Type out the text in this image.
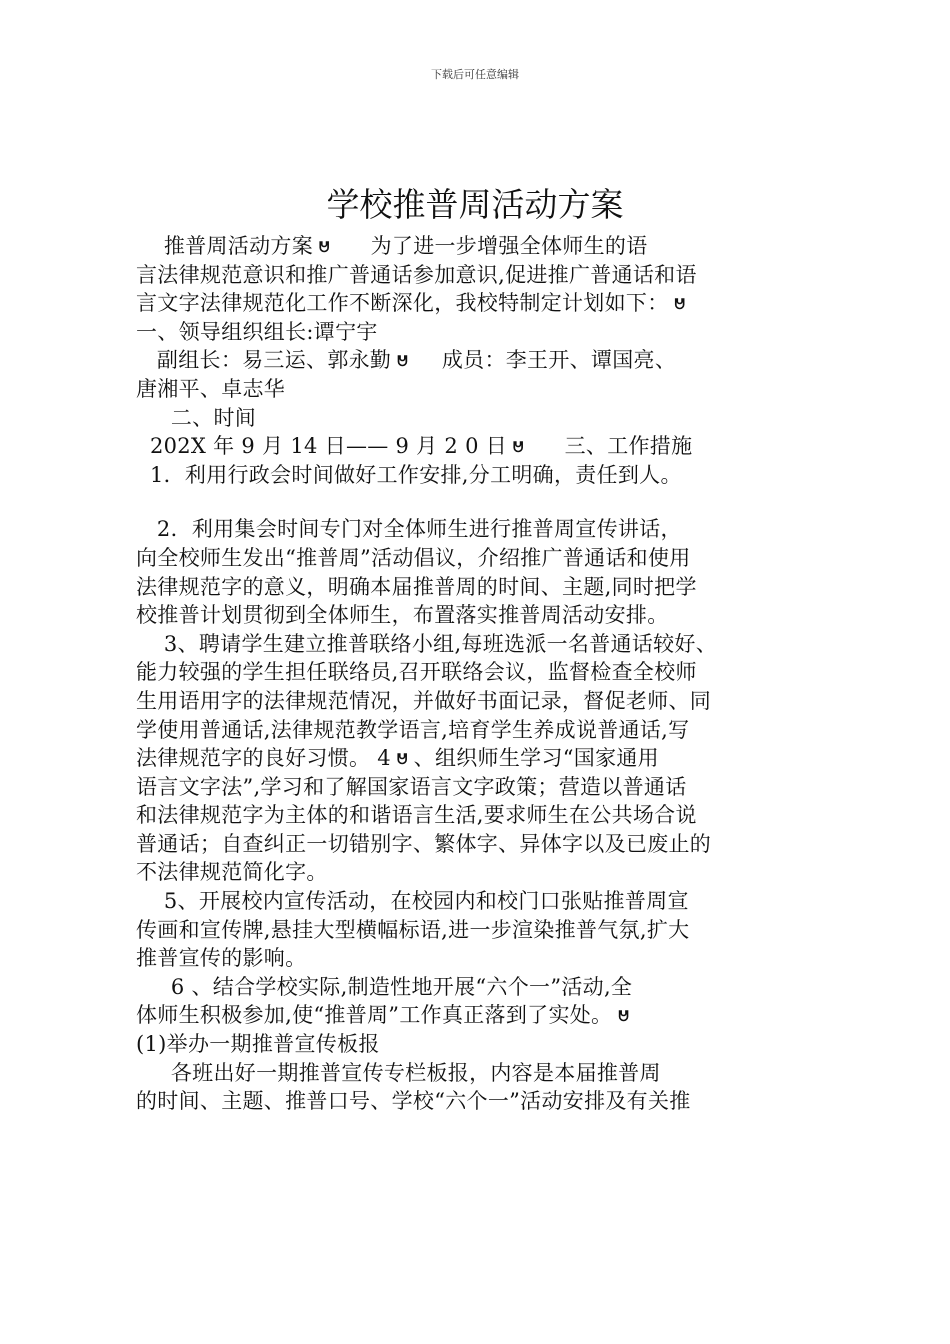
下载后可任意编辑
学校推普周活动方案
推普周活动方案 ᕰ     为了进一步增强全体师生的语
言法律规范意识和推广普通话参加意识,促进推广普通话和语
言文字法律规范化工作不断深化，我校特制定计划如下： ᕰ
一、领导组织组长:谭宁宇
副组长：易三运、郭永勤 ᕰ    成员：李王开、谭国亮、
唐湘平、卓志华
二、时间
202X 年 9 月 14 日—— 9 月 2 0 日 ᕰ     三、工作措施
1．利用行政会时间做好工作安排,分工明确，责任到人。
2．利用集会时间专门对全体师生进行推普周宣传讲话，
向全校师生发出“推普周”活动倡议，介绍推广普通话和使用
法律规范字的意义，明确本届推普周的时间、主题,同时把学
校推普计划贯彻到全体师生，布置落实推普周活动安排。
3、聘请学生建立推普联络小组,每班选派一名普通话较好、
能力较强的学生担任联络员,召开联络会议，监督检查全校师
生用语用字的法律规范情况，并做好书面记录，督促老师、同
学使用普通话,法律规范教学语言,培育学生养成说普通话,写
法律规范字的良好习惯。 4 ᕰ 、组织师生学习“国家通用
语言文字法”,学习和了解国家语言文字政策；营造以普通话
和法律规范字为主体的和谐语言生活,要求师生在公共场合说
普通话；自查纠正一切错别字、繁体字、异体字以及已废止的
不法律规范简化字。
5、开展校内宣传活动，在校园内和校门口张贴推普周宣
传画和宣传牌,悬挂大型横幅标语,进一步渲染推普气氛,扩大
推普宣传的影响。
6 、结合学校实际,制造性地开展“六个一”活动,全
体师生积极参加,使“推普周”工作真正落到了实处。 ᕰ
(1)举办一期推普宣传板报
各班出好一期推普宣传专栏板报，内容是本届推普周
的时间、主题、推普口号、学校“六个一”活动安排及有关推
